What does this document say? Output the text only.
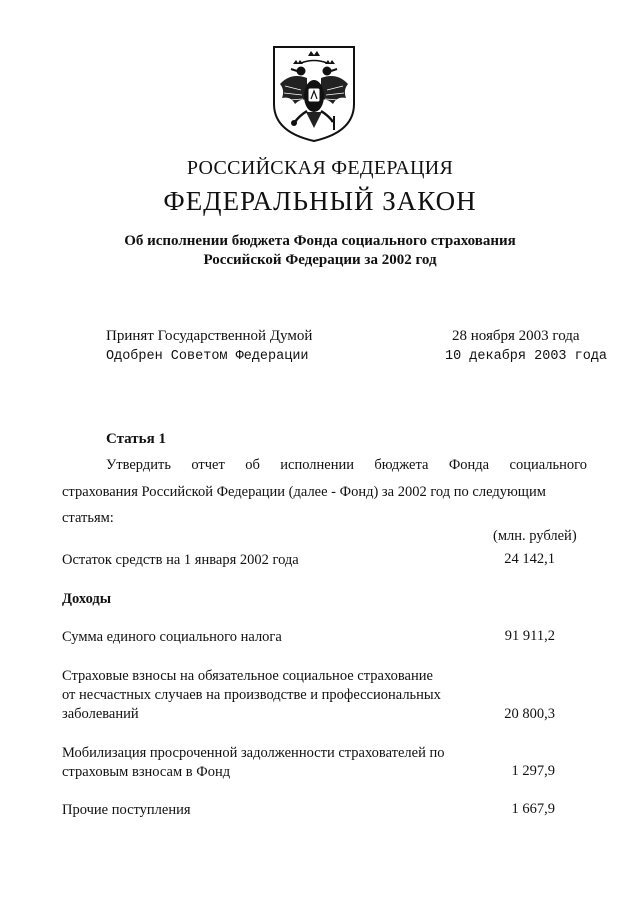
РОССИЙСКАЯ ФЕДЕРАЦИЯ
ФЕДЕРАЛЬНЫЙ ЗАКОН
Об исполнении бюджета Фонда социального страхования
Российской Федерации за 2002 год
Принят Государственной Думой	28 ноября 2003 года
Одобрен Советом Федерации	10 декабря 2003 года
Статья 1
Утвердить отчет об исполнении бюджета Фонда социального
страхования Российской Федерации (далее - Фонд) за 2002 год по следующим
статьям:
(млн. рублей)
Остаток средств на 1 января 2002 года	24 142,1
Доходы
Сумма единого социального налога	91 911,2
Страховые взносы на обязательное социальное страхование
от несчастных случаев на производстве и профессиональных
заболеваний	20 800,3
Мобилизация просроченной задолженности страхователей по
страховым взносам в Фонд	1 297,9
Прочие поступления	1 667,9
